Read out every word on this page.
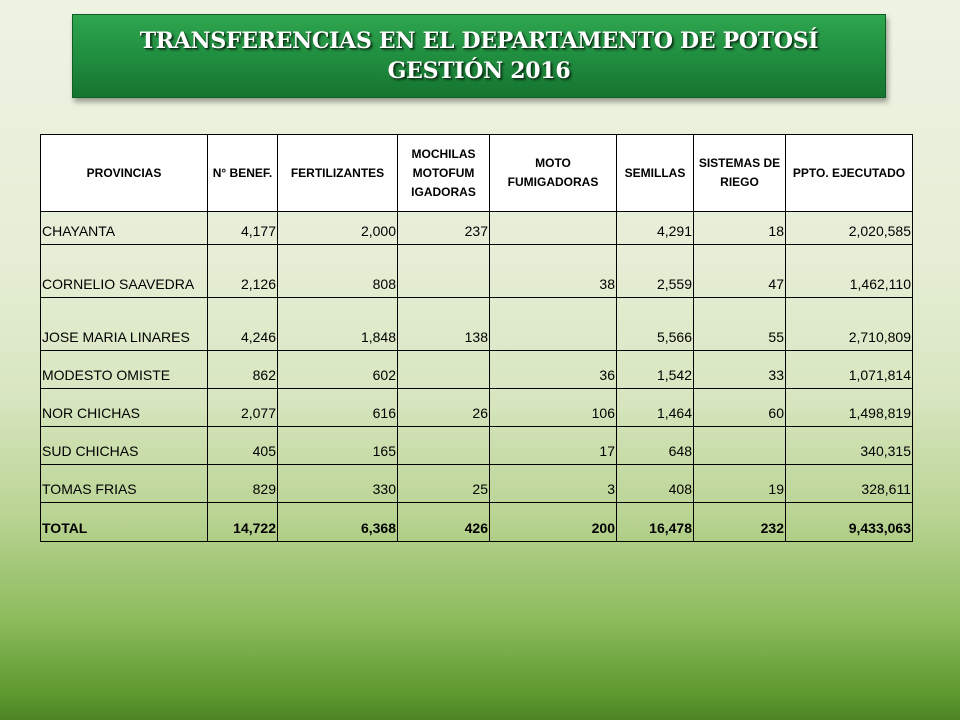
TRANSFERENCIAS EN EL DEPARTAMENTO DE POTOSÍ
GESTIÓN 2016
PROVINCIAS	N° BENEF.	FERTILIZANTES	MOCHILAS MOTOFUM IGADORAS	MOTO FUMIGADORAS	SEMILLAS	SISTEMAS DE RIEGO	PPTO. EJECUTADO
CHAYANTA	4,177	2,000	237		4,291	18	2,020,585
CORNELIO SAAVEDRA	2,126	808		38	2,559	47	1,462,110
JOSE MARIA LINARES	4,246	1,848	138		5,566	55	2,710,809
MODESTO OMISTE	862	602		36	1,542	33	1,071,814
NOR CHICHAS	2,077	616	26	106	1,464	60	1,498,819
SUD CHICHAS	405	165		17	648		340,315
TOMAS FRIAS	829	330	25	3	408	19	328,611
TOTAL	14,722	6,368	426	200	16,478	232	9,433,063
